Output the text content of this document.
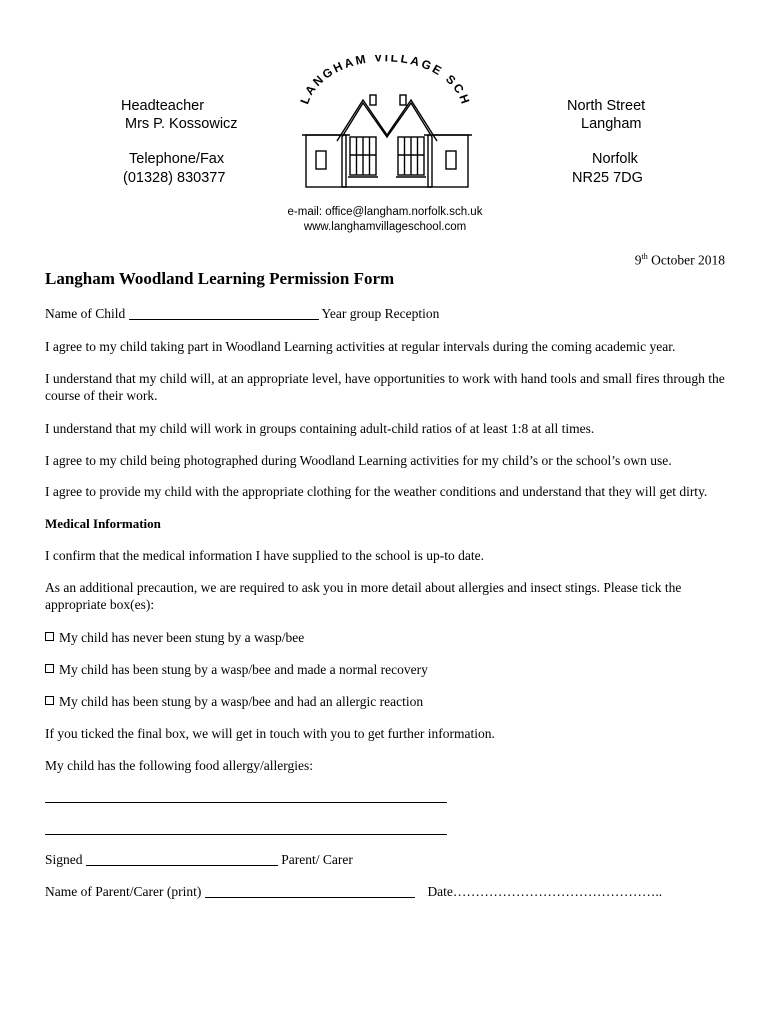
Headteacher
Mrs P. Kossowicz
Telephone/Fax
(01328) 830377
North Street
Langham
Norfolk
NR25 7DG
LANGHAM VILLAGE SCH
e-mail: office@langham.norfolk.sch.uk
www.langhamvillageschool.com
9th October 2018
Langham Woodland Learning Permission Form
Name of Child	Year group Reception
I agree to my child taking part in Woodland Learning activities at regular intervals during the coming academic year.
I understand that my child will, at an appropriate level, have opportunities to work with hand tools and small fires through the course of their work.
I understand that my child will work in groups containing adult-child ratios of at least 1:8 at all times.
I agree to my child being photographed during Woodland Learning activities for my child’s or the school’s own use.
I agree to provide my child with the appropriate clothing for the weather conditions and understand that they will get dirty.
Medical Information
I confirm that the medical information I have supplied to the school is up-to date.
As an additional precaution, we are required to ask you in more detail about allergies and insect stings. Please tick the appropriate box(es):
My child has never been stung by a wasp/bee
My child has been stung by a wasp/bee and made a normal recovery
My child has been stung by a wasp/bee and had an allergic reaction
If you ticked the final box, we will get in touch with you to get further information.
My child has the following food allergy/allergies:
Signed	Parent/ Carer
Name of Parent/Carer (print)	Date………………………………………..
